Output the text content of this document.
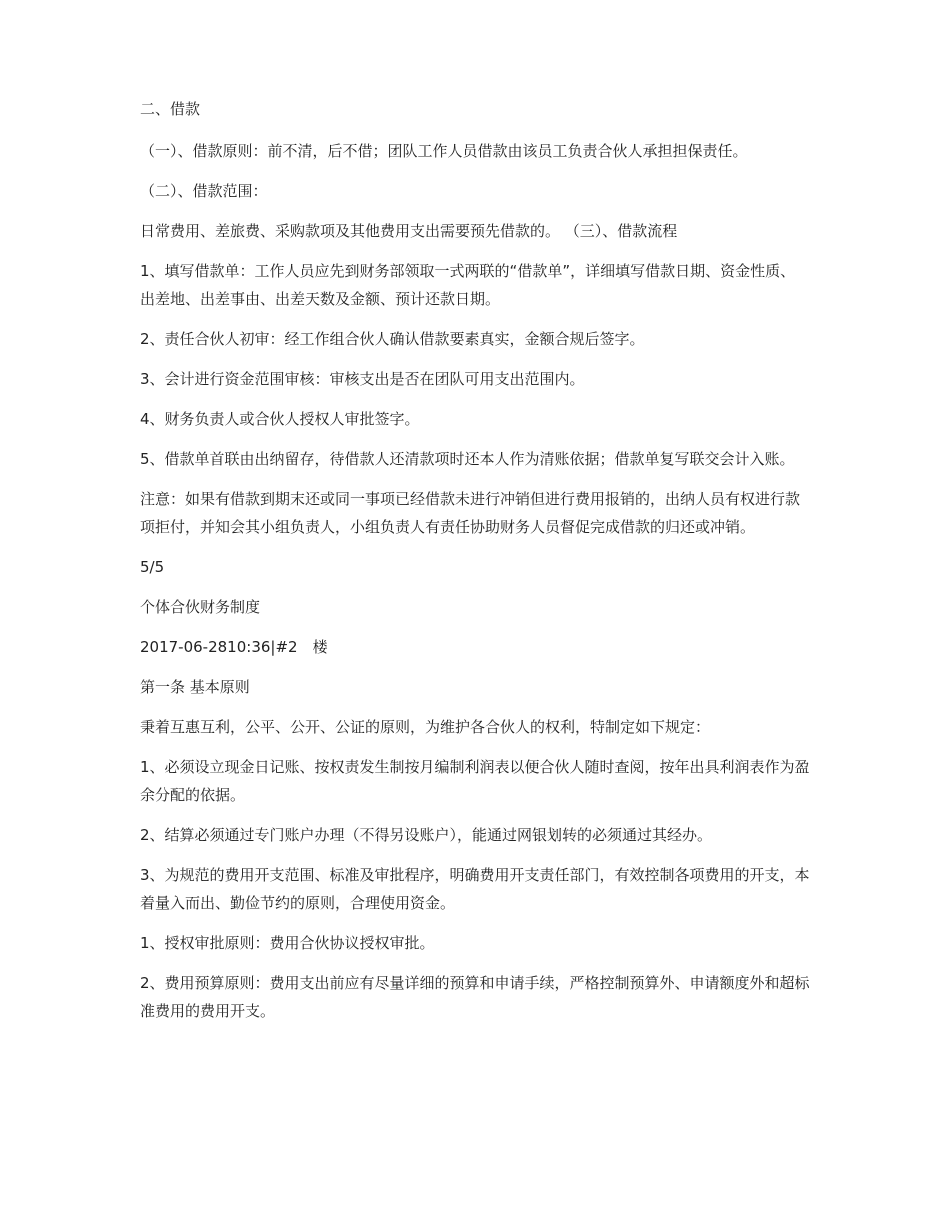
二、借款

（一）、借款原则：前不清，后不借；团队工作人员借款由该员工负责合伙人承担担保责任。

（二）、借款范围：

日常费用、差旅费、采购款项及其他费用支出需要预先借款的。 （三）、借款流程

1、填写借款单：工作人员应先到财务部领取一式两联的“借款单”，详细填写借款日期、资金性质、出差地、出差事由、出差天数及金额、预计还款日期。

2、责任合伙人初审：经工作组合伙人确认借款要素真实，金额合规后签字。

3、会计进行资金范围审核：审核支出是否在团队可用支出范围内。

4、财务负责人或合伙人授权人审批签字。

5、借款单首联由出纳留存，待借款人还清款项时还本人作为清账依据；借款单复写联交会计入账。

注意：如果有借款到期末还或同一事项已经借款未进行冲销但进行费用报销的，出纳人员有权进行款项拒付，并知会其小组负责人，小组负责人有责任协助财务人员督促完成借款的归还或冲销。

5/5

个体合伙财务制度

2017-06-2810:36|#2　楼

第一条 基本原则

秉着互惠互利，公平、公开、公证的原则，为维护各合伙人的权利，特制定如下规定：

1、必须设立现金日记账、按权责发生制按月编制利润表以便合伙人随时查阅，按年出具利润表作为盈余分配的依据。

2、结算必须通过专门账户办理（不得另设账户），能通过网银划转的必须通过其经办。

3、为规范的费用开支范围、标准及审批程序，明确费用开支责任部门，有效控制各项费用的开支，本着量入而出、勤俭节约的原则，合理使用资金。

1、授权审批原则：费用合伙协议授权审批。

2、费用预算原则：费用支出前应有尽量详细的预算和申请手续，严格控制预算外、申请额度外和超标准费用的费用开支。
